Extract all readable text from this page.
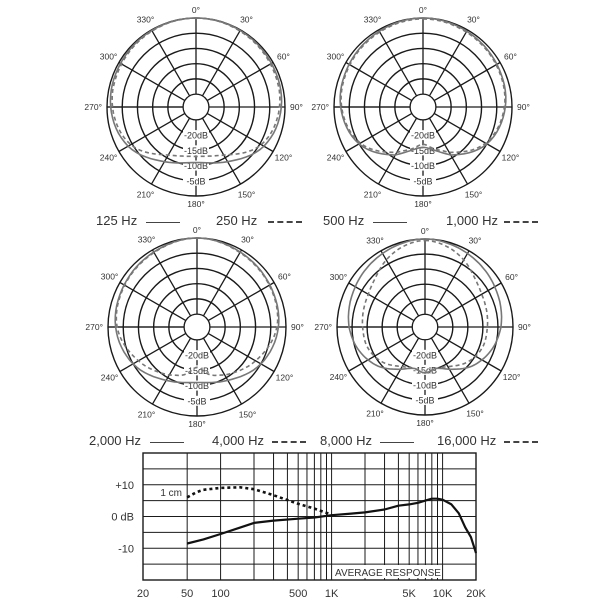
-20dB
-15dB
-10dB
-5dB
0°
30°
60°
90°
120°
150°
180°
210°
240°
270°
300°
330°
-20dB
-15dB
-10dB
-5dB
0°
30°
60°
90°
120°
150°
180°
210°
240°
270°
300°
330°
-20dB
-15dB
-10dB
-5dB
0°
30°
60°
90°
120°
150°
180°
210°
240°
270°
300°
330°
-20dB
-15dB
-10dB
-5dB
0°
30°
60°
90°
120°
150°
180°
210°
240°
270°
300°
330°
AVERAGE RESPONSE
1 cm
+10
0 dB
-10
20	50 100	500 1K	5K 10K 20K
125 Hz	250 Hz	500 Hz	1,000 Hz
2,000 Hz	4,000 Hz	8,000 Hz	16,000 Hz
